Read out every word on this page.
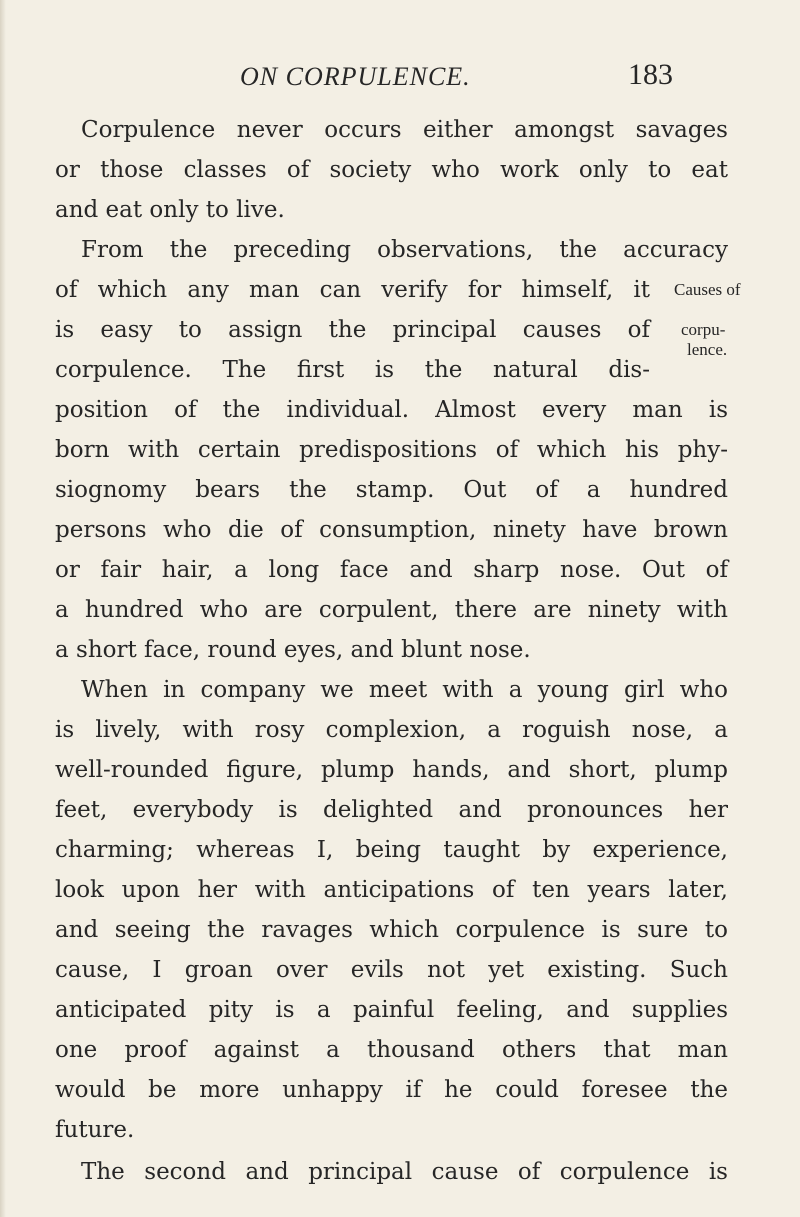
ON CORPULENCE.	183
Corpulence never occurs either amongst savages
or those classes of society who work only to eat
and eat only to live.
From the preceding observations, the accuracy
of which any man can verify for himself, it
is easy to assign the principal causes of
corpulence. The first is the natural dis-
position of the individual. Almost every man is
born with certain predispositions of which his phy-
siognomy bears the stamp. Out of a hundred
persons who die of consumption, ninety have brown
or fair hair, a long face and sharp nose. Out of
a hundred who are corpulent, there are ninety with
a short face, round eyes, and blunt nose.
When in company we meet with a young girl who
is lively, with rosy complexion, a roguish nose, a
well-rounded figure, plump hands, and short, plump
feet, everybody is delighted and pronounces her
charming; whereas I, being taught by experience,
look upon her with anticipations of ten years later,
and seeing the ravages which corpulence is sure to
cause, I groan over evils not yet existing. Such
anticipated pity is a painful feeling, and supplies
one proof against a thousand others that man
would be more unhappy if he could foresee the
future.
The second and principal cause of corpulence is
Causes of
corpu-
lence.
